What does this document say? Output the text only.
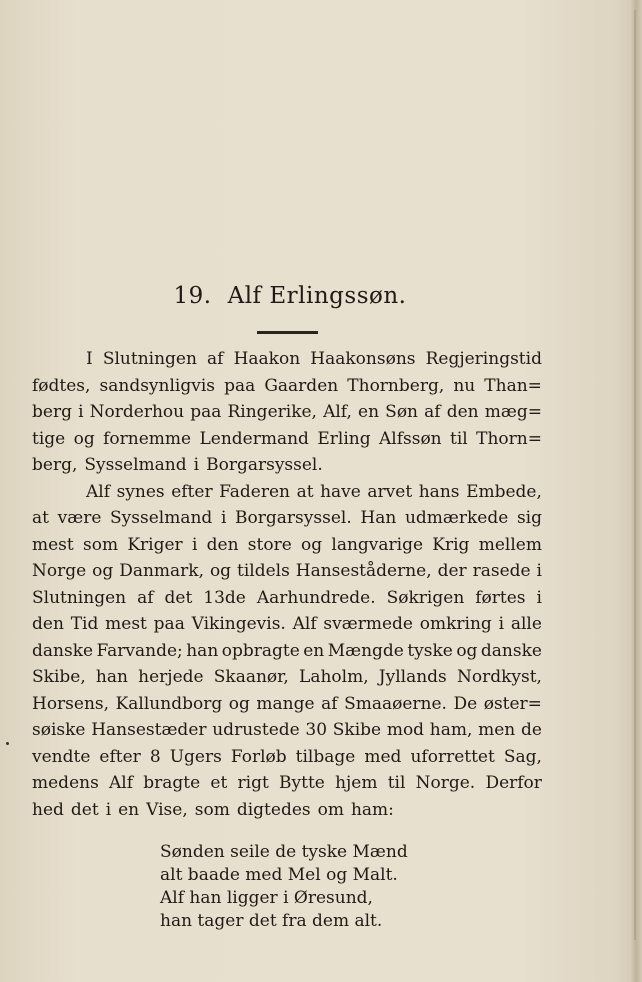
19. Alf Erlingssøn.
I Slutningen af Haakon Haakonsøns Regjeringstid
fødtes, sandsynligvis paa Gaarden Thornberg, nu Than=
berg i Norderhou paa Ringerike, Alf, en Søn af den mæg=
tige og fornemme Lendermand Erling Alfssøn til Thorn=
berg, Sysselmand i Borgarsyssel.
Alf synes efter Faderen at have arvet hans Embede,
at være Sysselmand i Borgarsyssel. Han udmærkede sig
mest som Kriger i den store og langvarige Krig mellem
Norge og Danmark, og tildels Hanseståderne, der rasede i
Slutningen af det 13de Aarhundrede. Søkrigen førtes i
den Tid mest paa Vikingevis. Alf sværmede omkring i alle
danske Farvande; han opbragte en Mængde tyske og danske
Skibe, han herjede Skaanør, Laholm, Jyllands Nordkyst,
Horsens, Kallundborg og mange af Smaaøerne. De øster=
søiske Hansestæder udrustede 30 Skibe mod ham, men de
vendte efter 8 Ugers Forløb tilbage med uforrettet Sag,
medens Alf bragte et rigt Bytte hjem til Norge. Derfor
hed det i en Vise, som digtedes om ham:
Sønden seile de tyske Mænd
alt baade med Mel og Malt.
Alf han ligger i Øresund,
han tager det fra dem alt.
